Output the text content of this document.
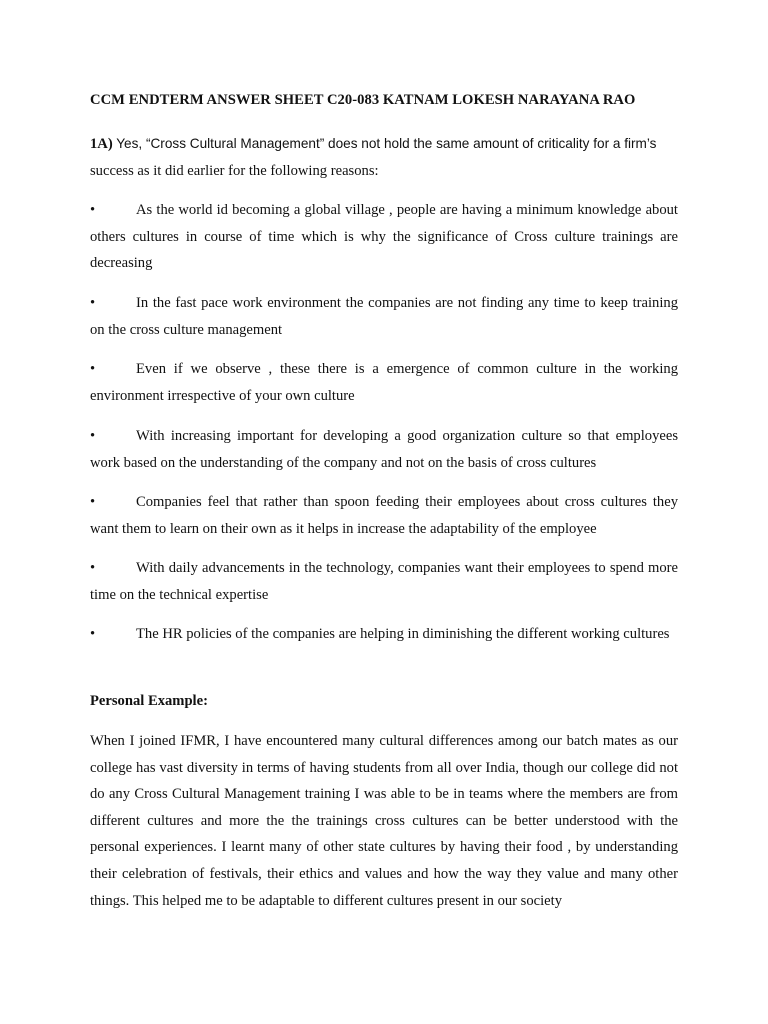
CCM ENDTERM ANSWER SHEET C20-083 KATNAM LOKESH NARAYANA RAO
1A) Yes, “Cross Cultural Management” does not hold the same amount of criticality for a firm’s
success as it did earlier for the following reasons:
•	As the world id becoming a global village , people are having a minimum knowledge about others cultures in course of time which is why the significance of Cross culture trainings are decreasing
•	In the fast pace work environment the companies are not finding any time to keep training on the cross culture management
•	Even if we observe , these there is a emergence of common culture in the working environment irrespective of your own culture
•	With increasing important for developing a good organization culture so that employees work based on the understanding of the company and not on the basis of cross cultures
•	Companies feel that rather than spoon feeding their employees about cross cultures they want them to learn on their own as it helps in increase the adaptability of the employee
•	With daily advancements in the technology, companies want their employees to spend more time on the technical expertise
•	The HR policies of the companies are helping in diminishing the different working cultures
Personal Example:
When I joined IFMR, I have encountered many cultural differences among our batch mates as our college has vast diversity in terms of having students from all over India, though our college did not do any Cross Cultural Management training I was able to be in teams where the members are from different cultures and more the the trainings cross cultures can be better understood with the personal experiences. I learnt many of other state cultures by having their food , by understanding their celebration of festivals, their ethics and values and how the way they value and many other things. This helped me to be adaptable to different cultures present in our society
